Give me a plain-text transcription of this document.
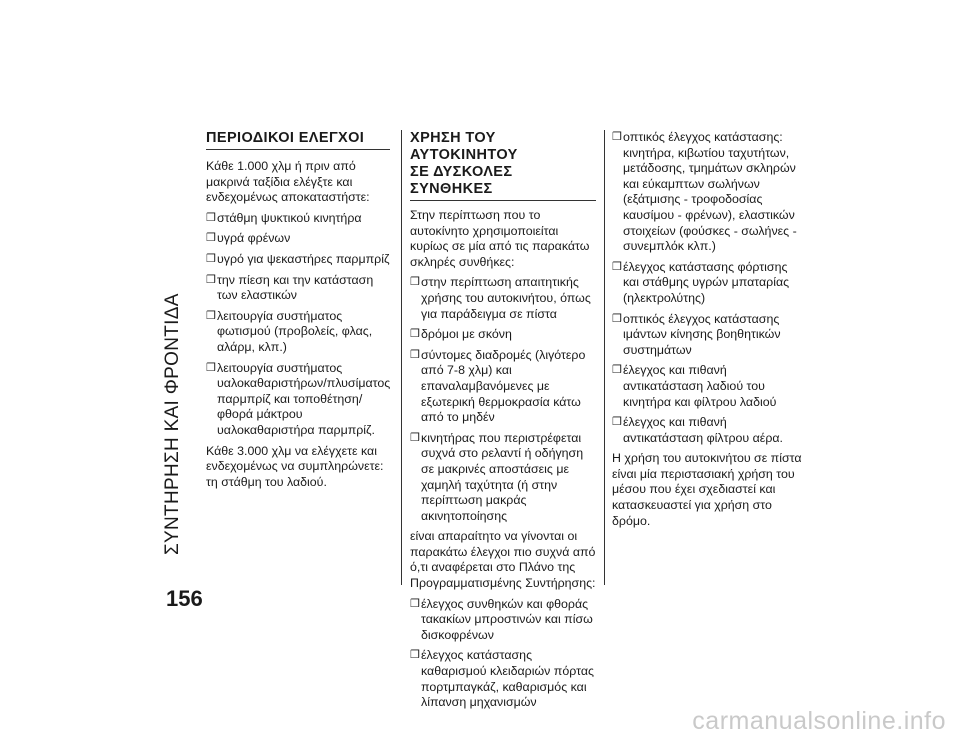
ΣΥΝΤΗΡΗΣΗ ΚΑΙ ΦΡΟΝΤΙΔΑ
156
ΠΕΡΙΟΔΙΚΟΙ ΕΛΕΓΧΟΙ

Κάθε 1.000 χλμ ή πριν από μακρινά ταξίδια ελέγξτε και ενδεχομένως αποκαταστήστε:

❒ στάθμη ψυκτικού κινητήρα
❒ υγρά φρένων
❒ υγρό για ψεκαστήρες παρμπρίζ
❒ την πίεση και την κατάσταση των ελαστικών
❒ λειτουργία συστήματος φωτισμού (προβολείς, φλας, αλάρμ, κλπ.)
❒ λειτουργία συστήματος υαλοκαθαριστήρων/πλυσίματος παρμπρίζ και τοποθέτηση/φθορά μάκτρου υαλοκαθαριστήρα παρμπρίζ.

Κάθε 3.000 χλμ να ελέγχετε και ενδεχομένως να συμπληρώνετε: τη στάθμη του λαδιού.

ΧΡΗΣΗ ΤΟΥ ΑΥΤΟΚΙΝΗΤΟΥ
ΣΕ ΔΥΣΚΟΛΕΣ ΣΥΝΘΗΚΕΣ

Στην περίπτωση που το αυτοκίνητο χρησιμοποιείται κυρίως σε μία από τις παρακάτω σκληρές συνθήκες:

❒ στην περίπτωση απαιτητικής χρήσης του αυτοκινήτου, όπως για παράδειγμα σε πίστα
❒ δρόμοι με σκόνη
❒ σύντομες διαδρομές (λιγότερο από 7-8 χλμ) και επαναλαμβανόμενες με εξωτερική θερμοκρασία κάτω από το μηδέν
❒ κινητήρας που περιστρέφεται συχνά στο ρελαντί ή οδήγηση σε μακρινές αποστάσεις με χαμηλή ταχύτητα (ή στην περίπτωση μακράς ακινητοποίησης

είναι απαραίτητο να γίνονται οι παρακάτω έλεγχοι πιο συχνά από ό,τι αναφέρεται στο Πλάνο της Προγραμματισμένης Συντήρησης:

❒ έλεγχος συνθηκών και φθοράς τακακίων μπροστινών και πίσω δισκοφρένων
❒ έλεγχος κατάστασης καθαρισμού κλειδαριών πόρτας πορτμπαγκάζ, καθαρισμός και λίπανση μηχανισμών
❒ οπτικός έλεγχος κατάστασης: κινητήρα, κιβωτίου ταχυτήτων, μετάδοσης, τμημάτων σκληρών και εύκαμπτων σωλήνων (εξάτμισης - τροφοδοσίας καυσίμου - φρένων), ελαστικών στοιχείων (φούσκες - σωλήνες - συνεμπλόκ κλπ.)
❒ έλεγχος κατάστασης φόρτισης και στάθμης υγρών μπαταρίας (ηλεκτρολύτης)
❒ οπτικός έλεγχος κατάστασης ιμάντων κίνησης βοηθητικών συστημάτων
❒ έλεγχος και πιθανή αντικατάσταση λαδιού του κινητήρα και φίλτρου λαδιού
❒ έλεγχος και πιθανή αντικατάσταση φίλτρου αέρα.

Η χρήση του αυτοκινήτου σε πίστα είναι μία περιστασιακή χρήση του μέσου που έχει σχεδιαστεί και κατασκευαστεί για χρήση στο δρόμο.

carmanualsonline.info
